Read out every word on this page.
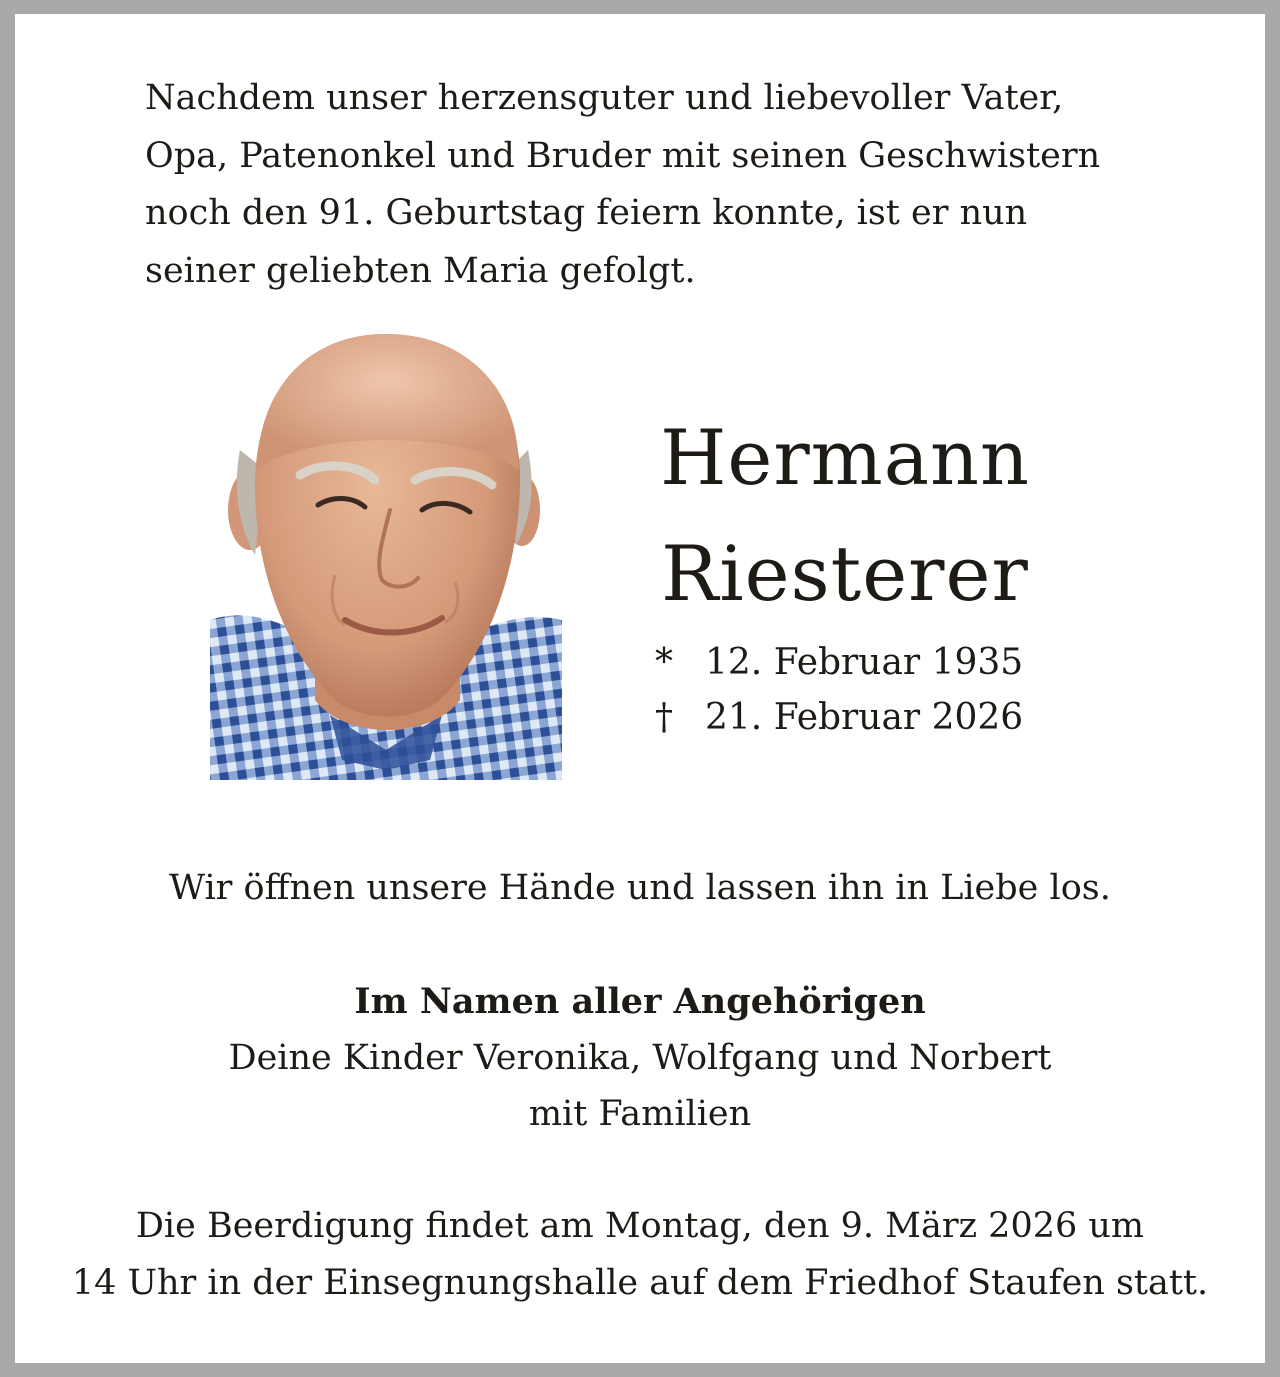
Nachdem unser herzensguter und liebevoller Vater,
Opa, Patenonkel und Bruder mit seinen Geschwistern
noch den 91. Geburtstag feiern konnte, ist er nun
seiner geliebten Maria gefolgt.
Hermann
Riesterer
* 12. Februar 1935
† 21. Februar 2026
Wir öffnen unsere Hände und lassen ihn in Liebe los.
Im Namen aller Angehörigen
Deine Kinder Veronika, Wolfgang und Norbert
mit Familien
Die Beerdigung findet am Montag, den 9. März 2026 um
14 Uhr in der Einsegnungshalle auf dem Friedhof Staufen statt.
